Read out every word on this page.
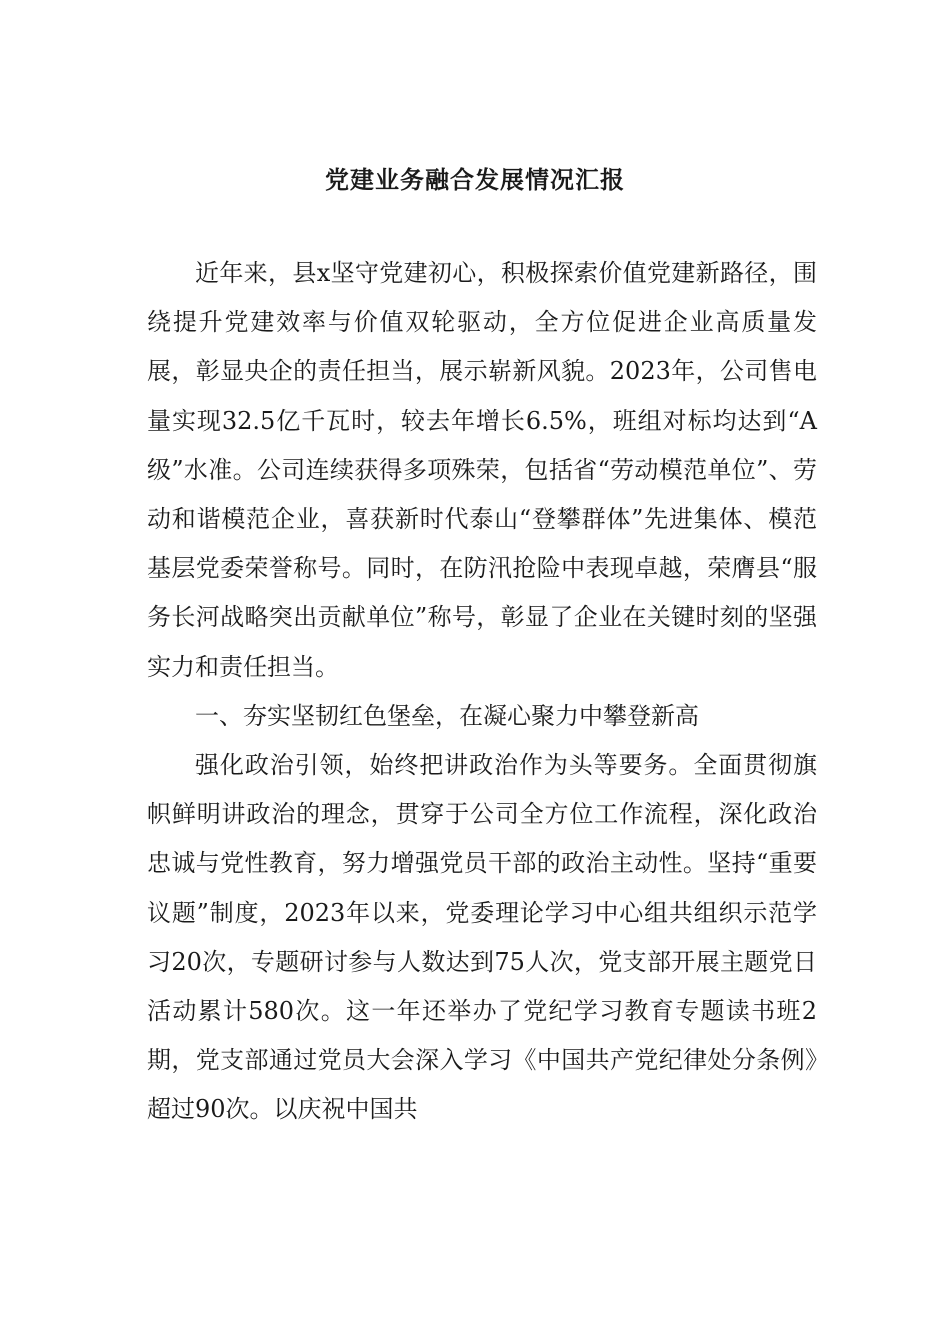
党建业务融合发展情况汇报

近年来，县x坚守党建初心，积极探索价值党建新路径，围绕提升党建效率与价值双轮驱动，全方位促进企业高质量发展，彰显央企的责任担当，展示崭新风貌。2023年，公司售电量实现32.5亿千瓦时，较去年增长6.5%，班组对标均达到“A级”水准。公司连续获得多项殊荣，包括省“劳动模范单位”、劳动和谐模范企业，喜获新时代泰山“登攀群体”先进集体、模范基层党委荣誉称号。同时，在防汛抢险中表现卓越，荣膺县“服务长河战略突出贡献单位”称号，彰显了企业在关键时刻的坚强实力和责任担当。

一、夯实坚韧红色堡垒，在凝心聚力中攀登新高

强化政治引领，始终把讲政治作为头等要务。全面贯彻旗帜鲜明讲政治的理念，贯穿于公司全方位工作流程，深化政治忠诚与党性教育，努力增强党员干部的政治主动性。坚持“重要议题”制度，2023年以来，党委理论学习中心组共组织示范学习20次，专题研讨参与人数达到75人次，党支部开展主题党日活动累计580次。这一年还举办了党纪学习教育专题读书班2期，党支部通过党员大会深入学习《中国共产党纪律处分条例》超过90次。以庆祝中国共
